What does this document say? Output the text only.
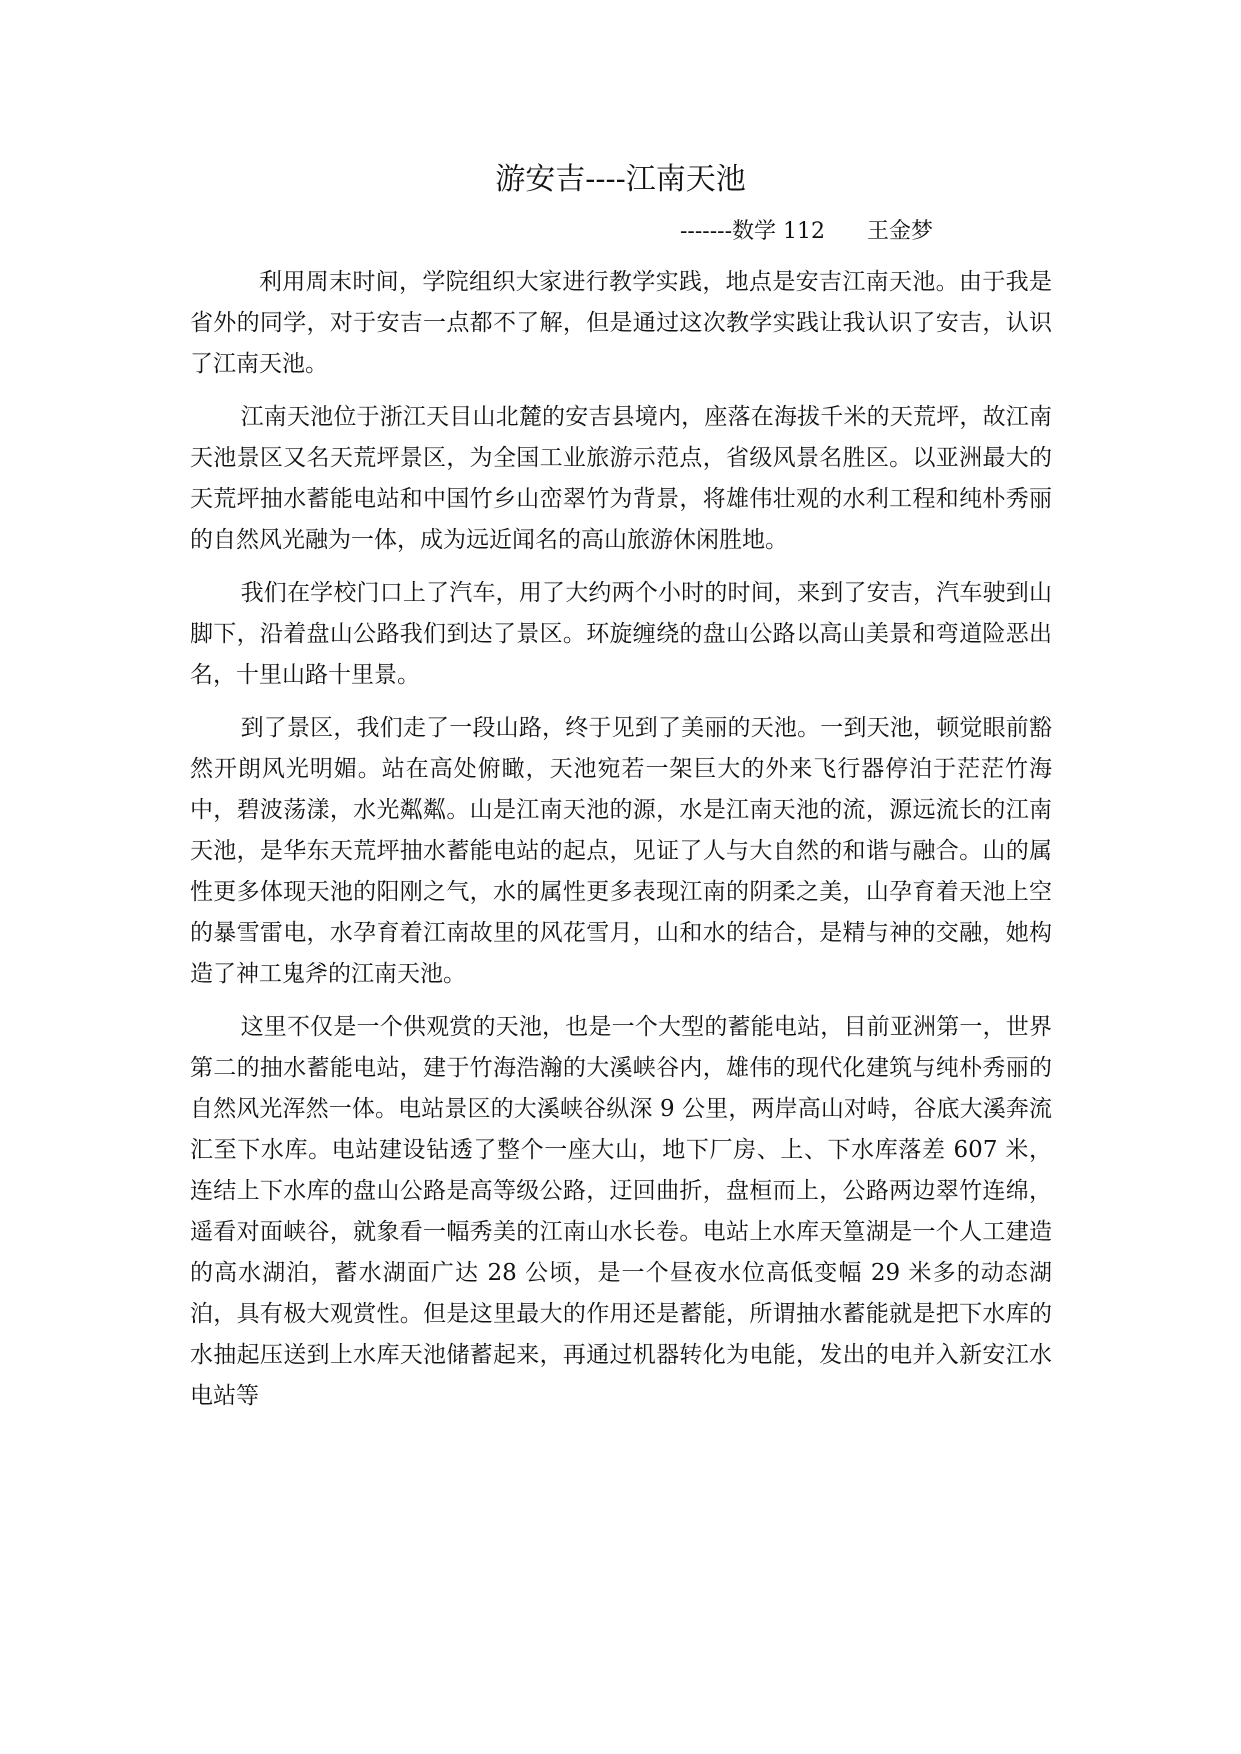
游安吉----江南天池
-------数学 112      王金梦

利用周末时间，学院组织大家进行教学实践，地点是安吉江南天池。由于我是省外的同学，对于安吉一点都不了解，但是通过这次教学实践让我认识了安吉，认识了江南天池。

江南天池位于浙江天目山北麓的安吉县境内，座落在海拔千米的天荒坪，故江南天池景区又名天荒坪景区，为全国工业旅游示范点，省级风景名胜区。以亚洲最大的天荒坪抽水蓄能电站和中国竹乡山峦翠竹为背景，将雄伟壮观的水利工程和纯朴秀丽的自然风光融为一体，成为远近闻名的高山旅游休闲胜地。

我们在学校门口上了汽车，用了大约两个小时的时间，来到了安吉，汽车驶到山脚下，沿着盘山公路我们到达了景区。环旋缠绕的盘山公路以高山美景和弯道险恶出名，十里山路十里景。

到了景区，我们走了一段山路，终于见到了美丽的天池。一到天池，顿觉眼前豁然开朗风光明媚。站在高处俯瞰，天池宛若一架巨大的外来飞行器停泊于茫茫竹海中，碧波荡漾，水光粼粼。山是江南天池的源，水是江南天池的流，源远流长的江南天池，是华东天荒坪抽水蓄能电站的起点，见证了人与大自然的和谐与融合。山的属性更多体现天池的阳刚之气，水的属性更多表现江南的阴柔之美，山孕育着天池上空的暴雪雷电，水孕育着江南故里的风花雪月，山和水的结合，是精与神的交融，她构造了神工鬼斧的江南天池。

这里不仅是一个供观赏的天池，也是一个大型的蓄能电站，目前亚洲第一，世界第二的抽水蓄能电站，建于竹海浩瀚的大溪峡谷内，雄伟的现代化建筑与纯朴秀丽的自然风光浑然一体。电站景区的大溪峡谷纵深 9 公里，两岸高山对峙，谷底大溪奔流汇至下水库。电站建设钻透了整个一座大山，地下厂房、上、下水库落差 607 米，连结上下水库的盘山公路是高等级公路，迂回曲折，盘桓而上，公路两边翠竹连绵，遥看对面峡谷，就象看一幅秀美的江南山水长卷。电站上水库天篁湖是一个人工建造的高水湖泊，蓄水湖面广达 28 公顷，是一个昼夜水位高低变幅 29 米多的动态湖泊，具有极大观赏性。但是这里最大的作用还是蓄能，所谓抽水蓄能就是把下水库的水抽起压送到上水库天池储蓄起来，再通过机器转化为电能，发出的电并入新安江水电站等
